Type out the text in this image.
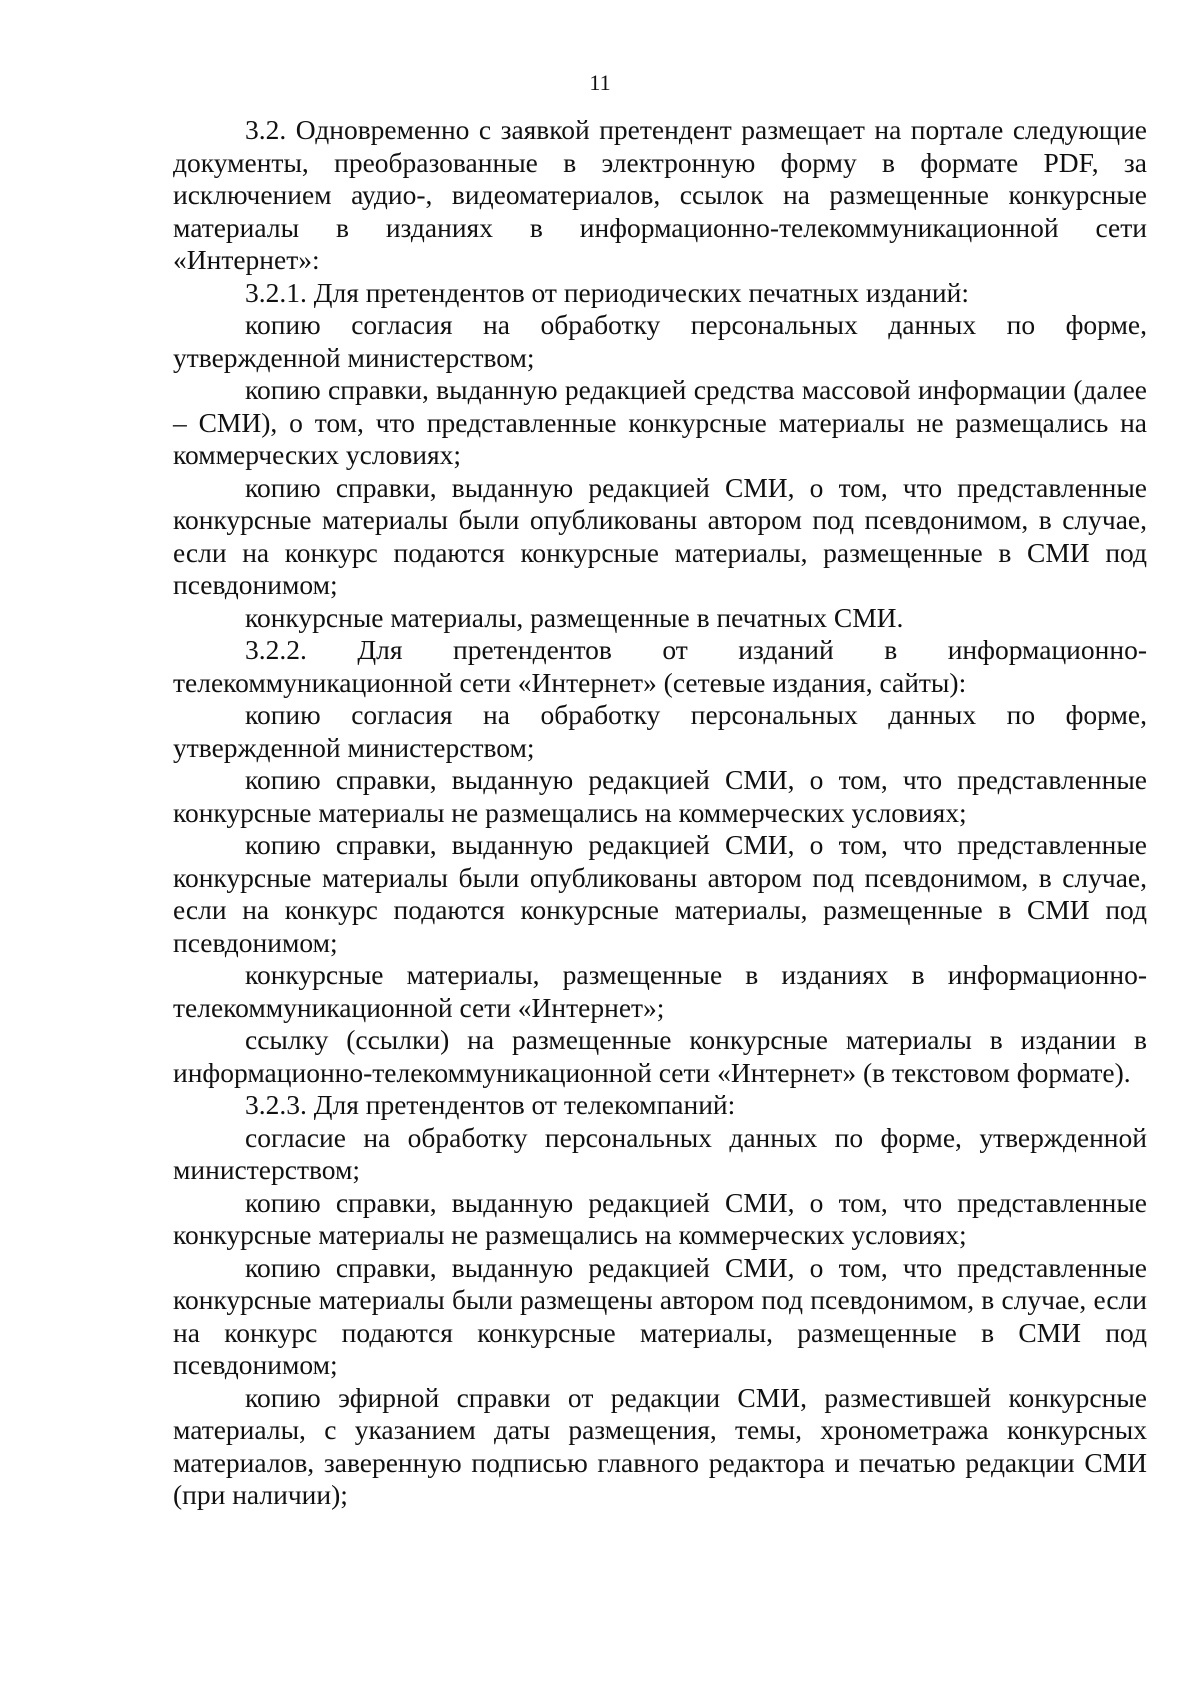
11

3.2. Одновременно с заявкой претендент размещает на портале следующие документы, преобразованные в электронную форму в формате PDF, за исключением аудио-, видеоматериалов, ссылок на размещенные конкурсные материалы в изданиях в информационно-телекоммуникационной сети «Интернет»:

3.2.1. Для претендентов от периодических печатных изданий:

копию согласия на обработку персональных данных по форме, утвержденной министерством;

копию справки, выданную редакцией средства массовой информации (далее – СМИ), о том, что представленные конкурсные материалы не размещались на коммерческих условиях;

копию справки, выданную редакцией СМИ, о том, что представленные конкурсные материалы были опубликованы автором под псевдонимом, в случае, если на конкурс подаются конкурсные материалы, размещенные в СМИ под псевдонимом;

конкурсные материалы, размещенные в печатных СМИ.

3.2.2. Для претендентов от изданий в информационно-телекоммуникационной сети «Интернет» (сетевые издания, сайты):

копию согласия на обработку персональных данных по форме, утвержденной министерством;

копию справки, выданную редакцией СМИ, о том, что представленные конкурсные материалы не размещались на коммерческих условиях;

копию справки, выданную редакцией СМИ, о том, что представленные конкурсные материалы были опубликованы автором под псевдонимом, в случае, если на конкурс подаются конкурсные материалы, размещенные в СМИ под псевдонимом;

конкурсные материалы, размещенные в изданиях в информационно-телекоммуникационной сети «Интернет»;

ссылку (ссылки) на размещенные конкурсные материалы в издании в информационно-телекоммуникационной сети «Интернет» (в текстовом формате).

3.2.3. Для претендентов от телекомпаний:

согласие на обработку персональных данных по форме, утвержденной министерством;

копию справки, выданную редакцией СМИ, о том, что представленные конкурсные материалы не размещались на коммерческих условиях;

копию справки, выданную редакцией СМИ, о том, что представленные конкурсные материалы были размещены автором под псевдонимом, в случае, если на конкурс подаются конкурсные материалы, размещенные в СМИ под псевдонимом;

копию эфирной справки от редакции СМИ, разместившей конкурсные материалы, с указанием даты размещения, темы, хронометража конкурсных материалов, заверенную подписью главного редактора и печатью редакции СМИ (при наличии);
